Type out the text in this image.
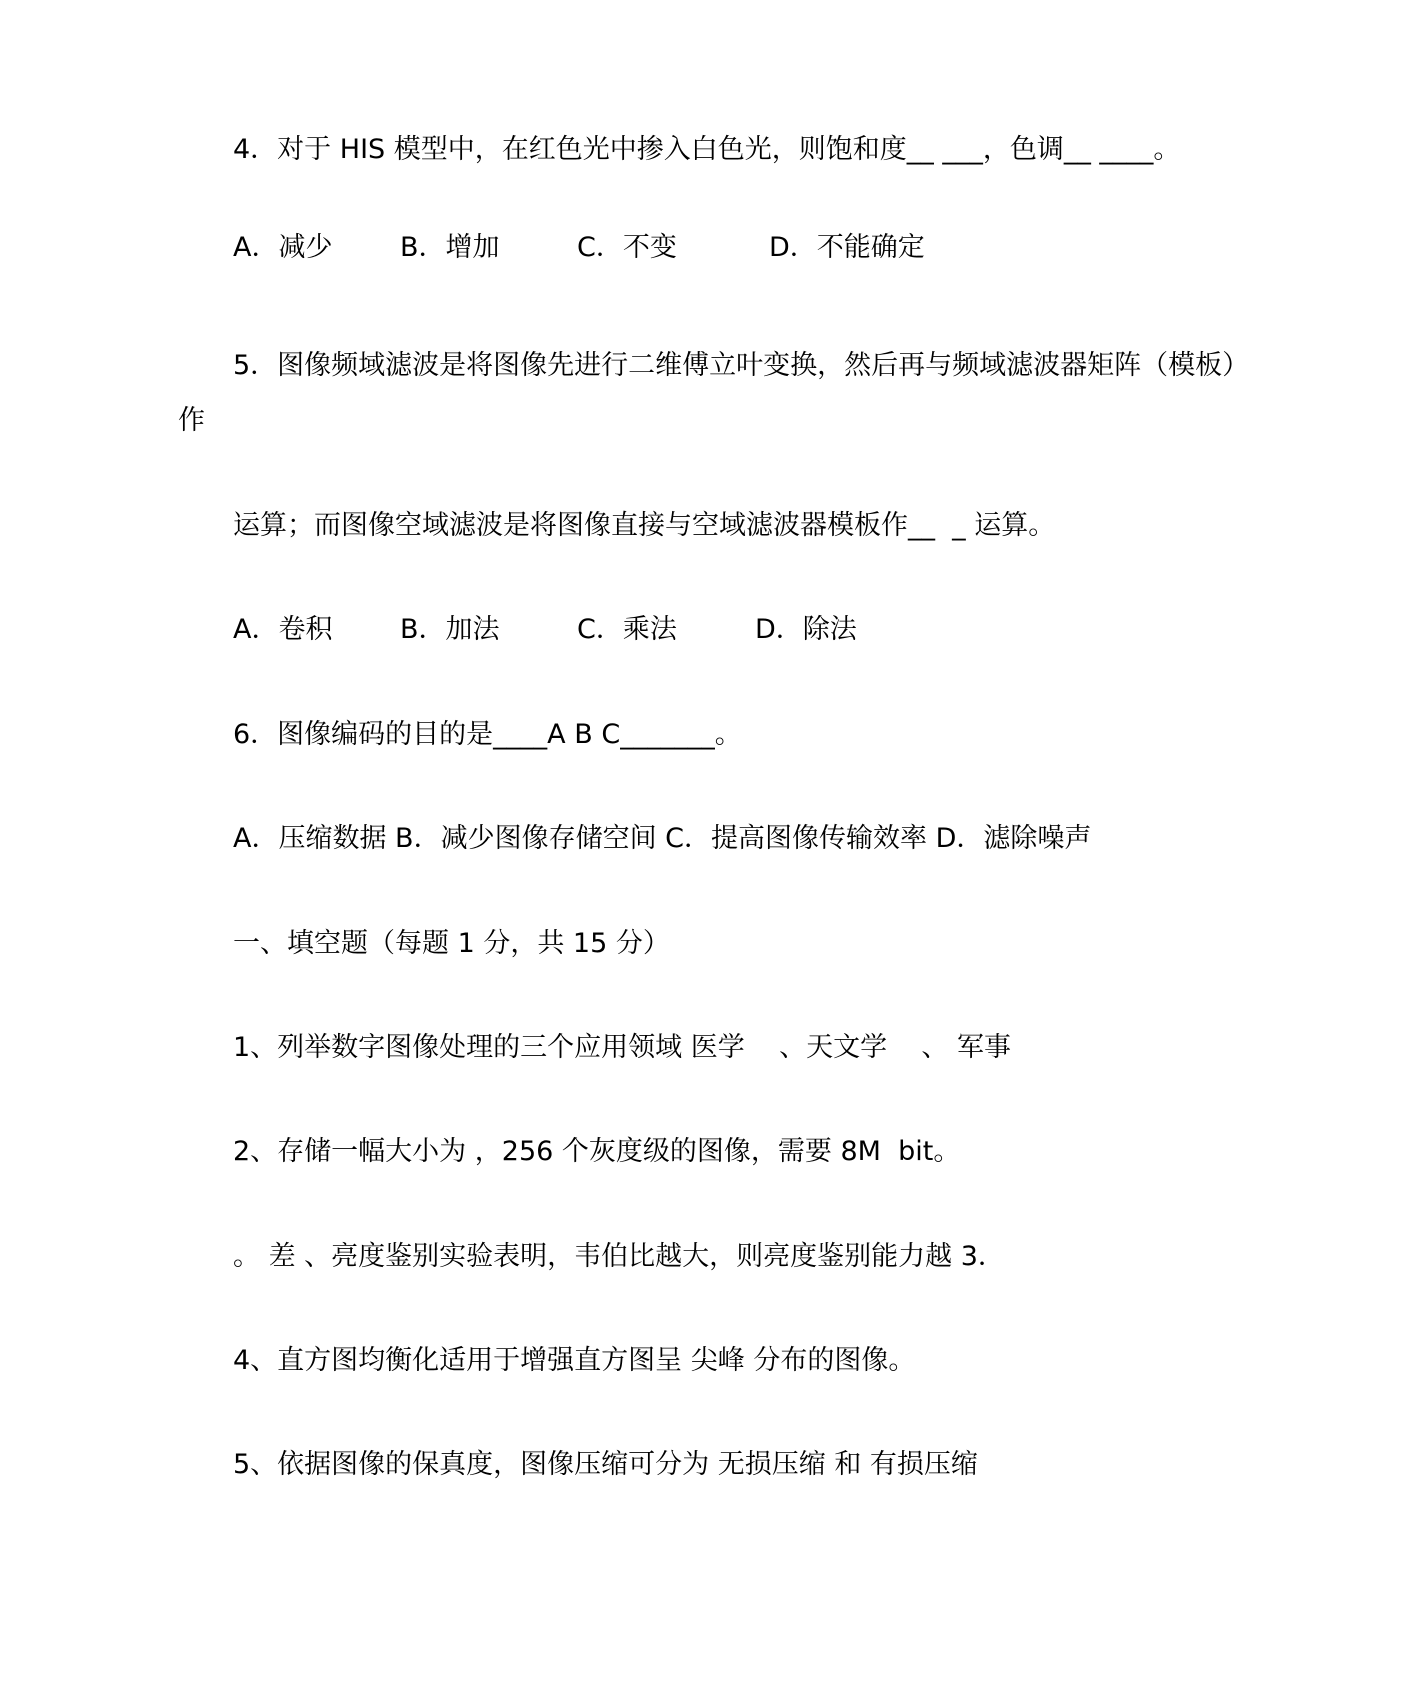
4．对于 HIS 模型中，在红色光中掺入白色光，则饱和度__ ___，色调__ ____。
A．减少	B．增加	C．不变	D．不能确定
5．图像频域滤波是将图像先进行二维傅立叶变换，然后再与频域滤波器矩阵（模板）
作
运算；而图像空域滤波是将图像直接与空域滤波器模板作__  _ 运算。
A．卷积	B．加法	C．乘法	D．除法
6．图像编码的目的是____A B C_______。
A．压缩数据 B．减少图像存储空间 C．提高图像传输效率 D．滤除噪声
一、填空题（每题 1 分，共 15 分）
1、列举数字图像处理的三个应用领域 医学    、天文学    、 军事
2、存储一幅大小为 ，256 个灰度级的图像，需要 8M  bit。
。 差 、亮度鉴别实验表明，韦伯比越大，则亮度鉴别能力越 3．
4、直方图均衡化适用于增强直方图呈 尖峰 分布的图像。
5、依据图像的保真度，图像压缩可分为 无损压缩 和 有损压缩
